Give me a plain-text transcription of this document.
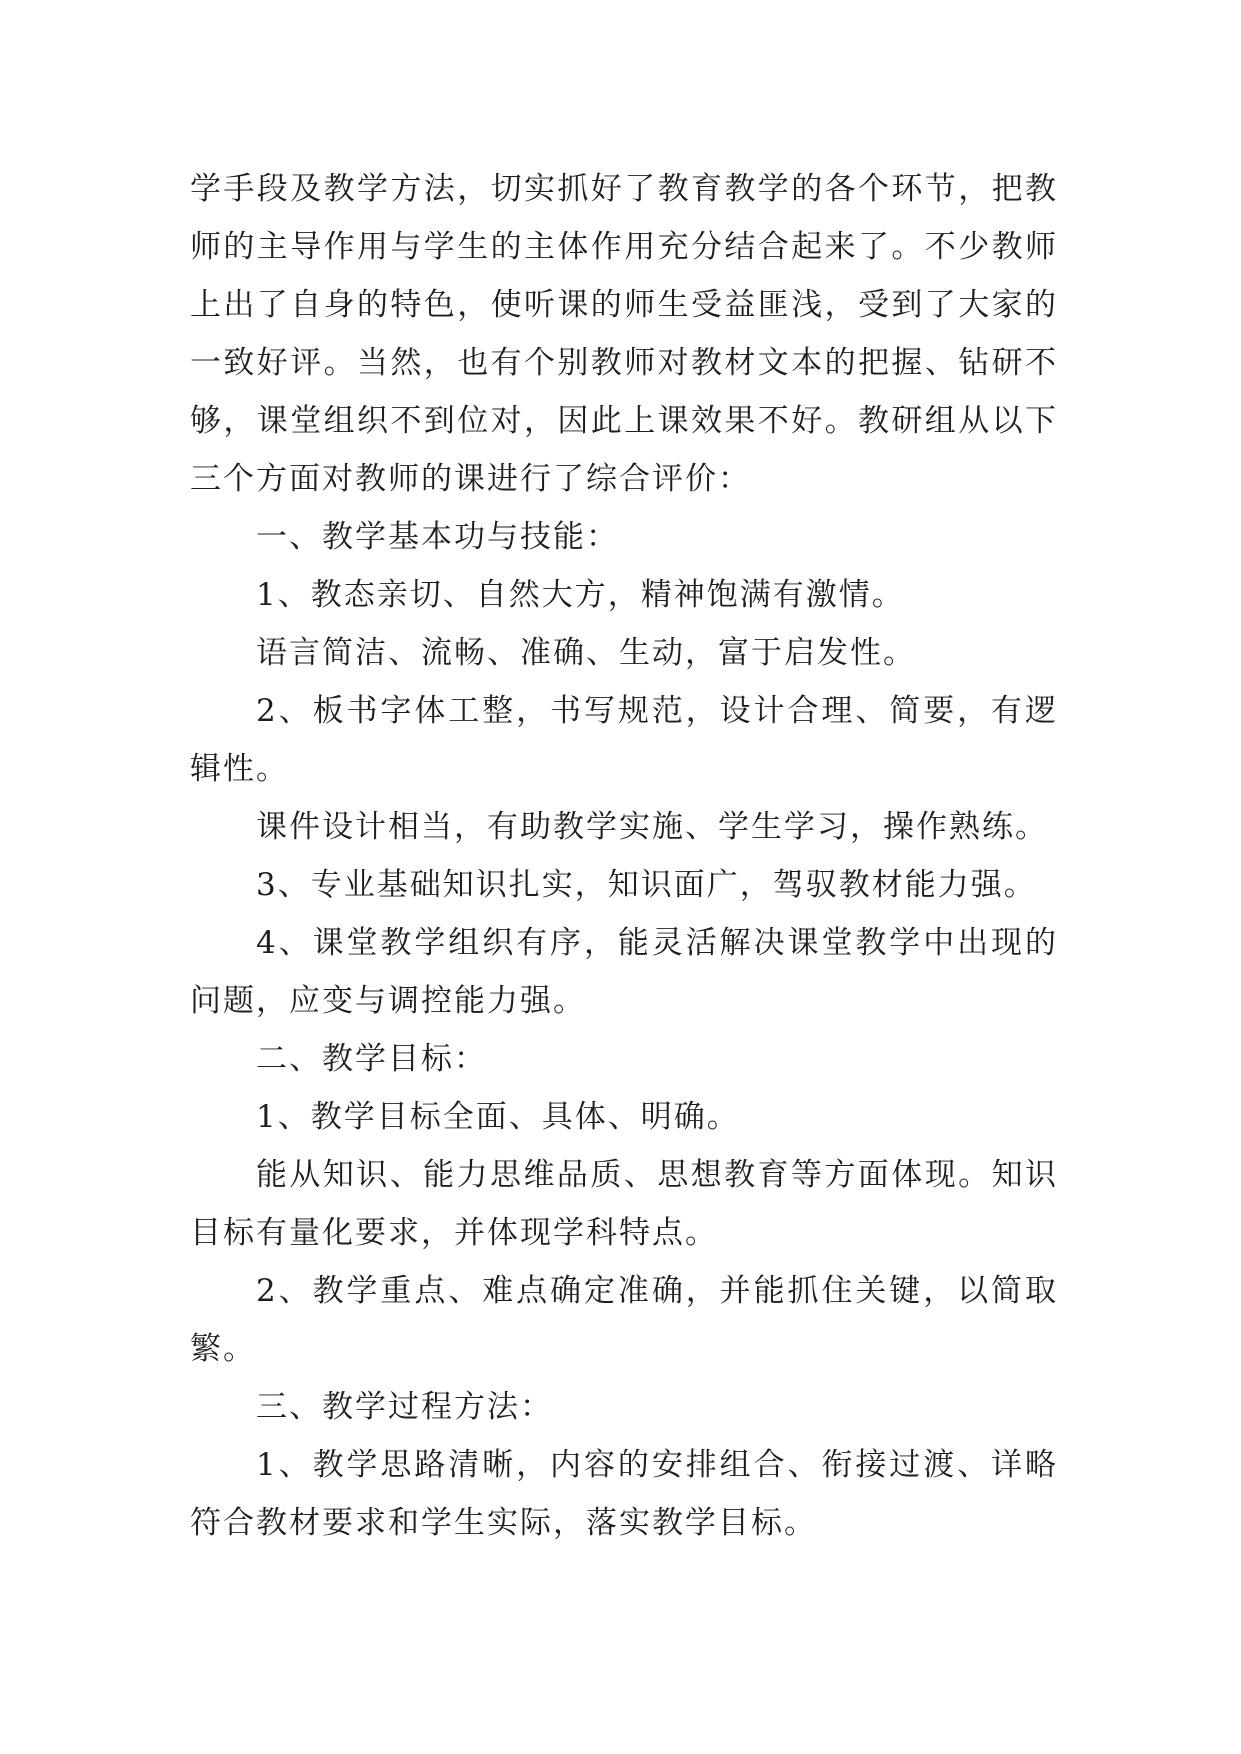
学手段及教学方法，切实抓好了教育教学的各个环节，把教师的主导作用与学生的主体作用充分结合起来了。不少教师上出了自身的特色，使听课的师生受益匪浅，受到了大家的一致好评。当然，也有个别教师对教材文本的把握、钻研不够，课堂组织不到位对，因此上课效果不好。教研组从以下三个方面对教师的课进行了综合评价：

一、教学基本功与技能：

1、教态亲切、自然大方，精神饱满有激情。

语言简洁、流畅、准确、生动，富于启发性。

2、板书字体工整，书写规范，设计合理、简要，有逻辑性。

课件设计相当，有助教学实施、学生学习，操作熟练。

3、专业基础知识扎实，知识面广，驾驭教材能力强。

4、课堂教学组织有序，能灵活解决课堂教学中出现的问题，应变与调控能力强。

二、教学目标：

1、教学目标全面、具体、明确。

能从知识、能力思维品质、思想教育等方面体现。知识目标有量化要求，并体现学科特点。

2、教学重点、难点确定准确，并能抓住关键，以简取繁。

三、教学过程方法：

1、教学思路清晰，内容的安排组合、衔接过渡、详略符合教材要求和学生实际，落实教学目标。
